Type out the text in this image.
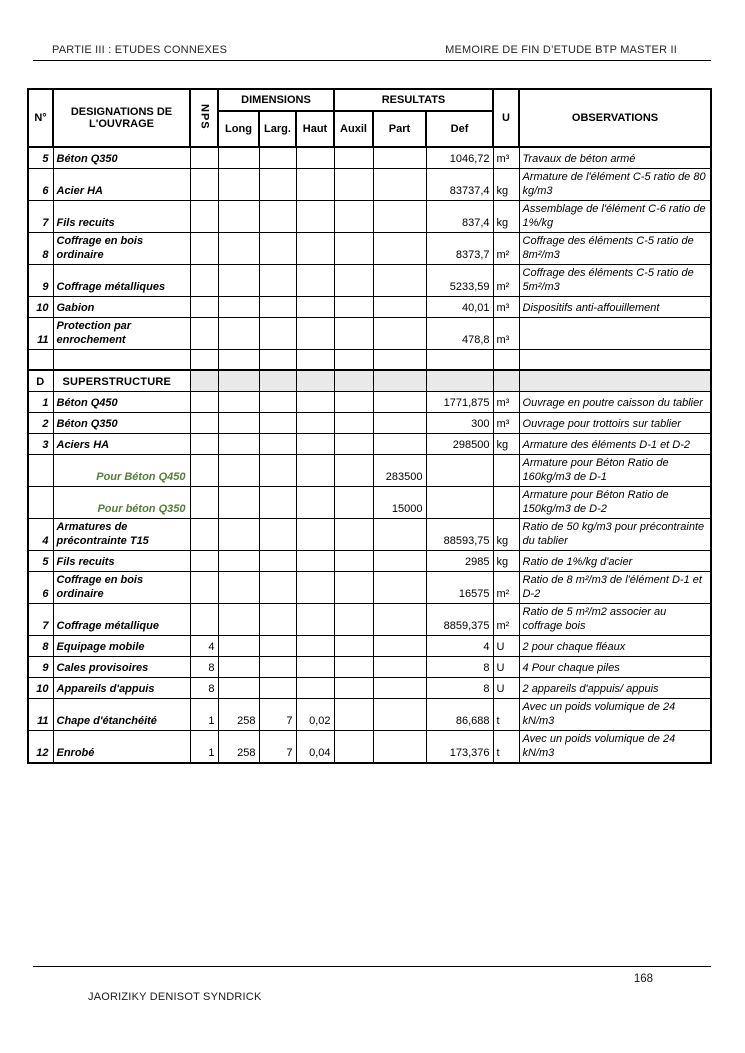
PARTIE III : ETUDES CONNEXES	MEMOIRE DE FIN D’ETUDE BTP MASTER II
N°	DESIGNATIONS DE L'OUVRAGE	NPS	DIMENSIONS			RESULTATS			U	OBSERVATIONS
			Long	Larg.	Haut	Auxil	Part	Def		
5	Béton Q350							1046,72	m³	Travaux de béton armé
6	Acier HA							83737,4	kg	Armature de l'élément C-5 ratio de 80 kg/m3
7	Fils recuits							837,4	kg	Assemblage de l'élément C-6 ratio de 1%/kg
8	Coffrage en bois ordinaire							8373,7	m²	Coffrage des éléments C-5 ratio de 8m²/m3
9	Coffrage métalliques							5233,59	m²	Coffrage des éléments C-5 ratio de 5m²/m3
10	Gabion							40,01	m³	Dispositifs anti-affouillement
11	Protection par enrochement							478,8	m³	

D	SUPERSTRUCTURE									
1	Béton Q450							1771,875	m³	Ouvrage en poutre caisson du tablier
2	Béton Q350							300	m³	Ouvrage pour trottoirs sur tablier
3	Aciers HA							298500	kg	Armature des éléments D-1 et D-2
	Pour Béton Q450						283500			Armature pour Béton Ratio de 160kg/m3 de D-1
	Pour béton Q350						15000			Armature pour Béton Ratio de 150kg/m3 de D-2
4	Armatures de précontrainte T15							88593,75	kg	Ratio de 50 kg/m3 pour précontrainte du tablier
5	Fils recuits							2985	kg	Ratio de 1%/kg d'acier
6	Coffrage en bois ordinaire							16575	m²	Ratio de 8 m²/m3 de l'élément D-1 et D-2
7	Coffrage métallique							8859,375	m²	Ratio de 5 m²/m2 associer au coffrage bois
8	Equipage mobile	4						4	U	2 pour chaque fléaux
9	Cales provisoires	8						8	U	4 Pour chaque piles
10	Appareils d'appuis	8						8	U	2 appareils d'appuis/ appuis
11	Chape d'étanchéité	1	258	7	0,02			86,688	t	Avec un poids volumique de 24 kN/m3
12	Enrobé	1	258	7	0,04			173,376	t	Avec un poids volumique de 24 kN/m3
168
JAORIZIKY DENISOT SYNDRICK
